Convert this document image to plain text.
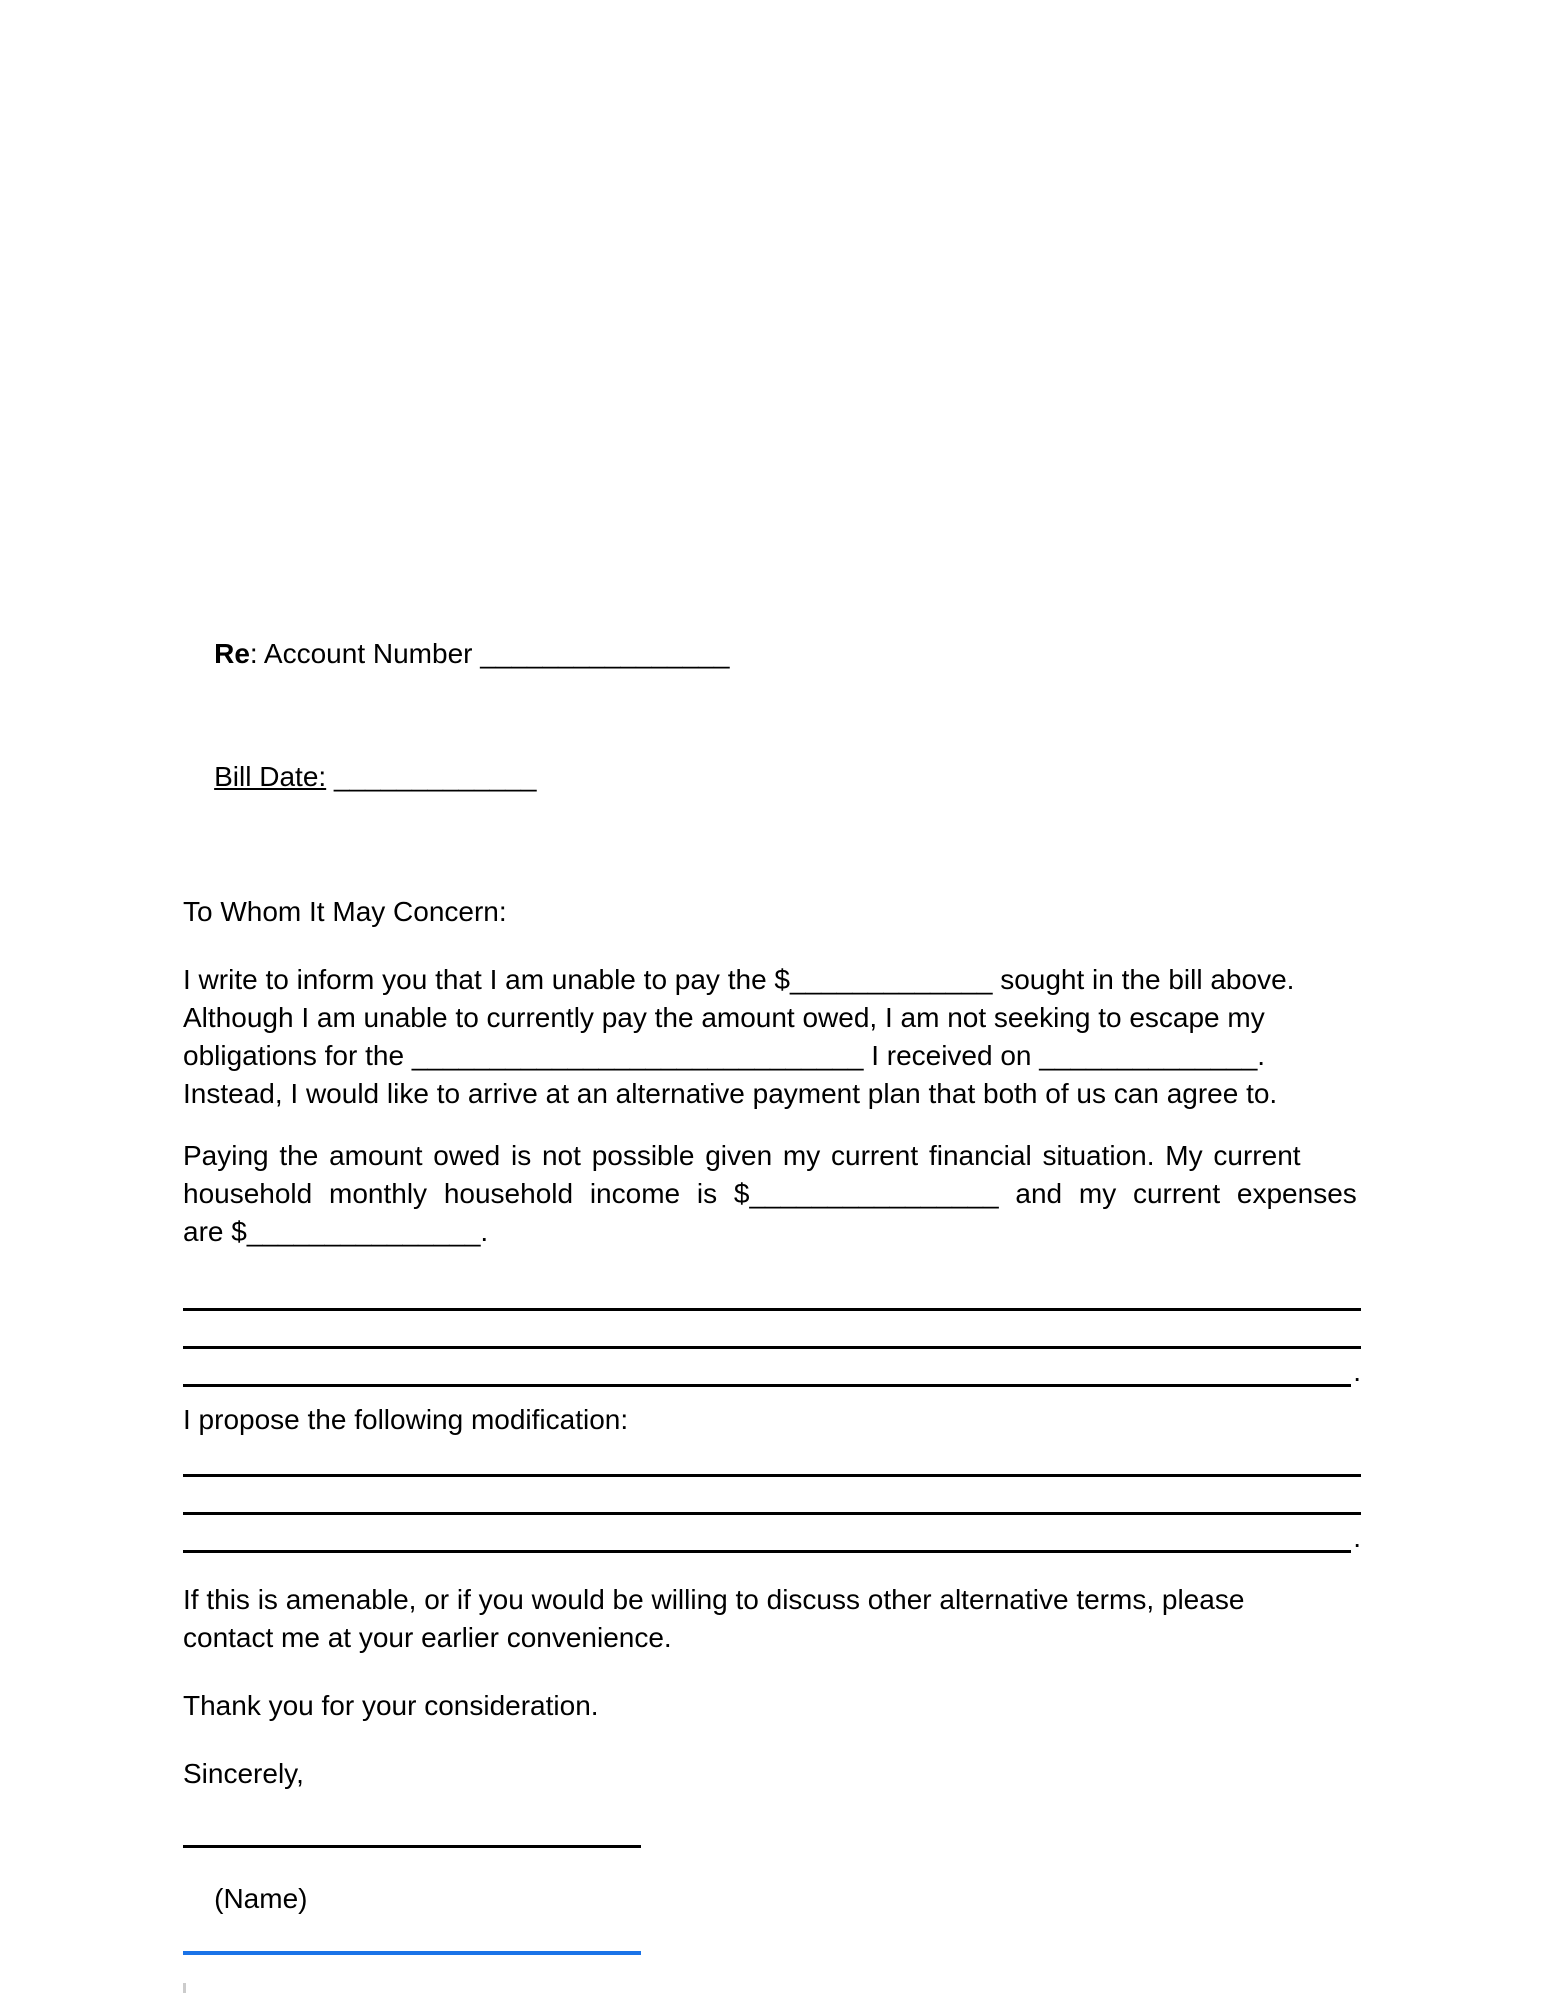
Re: Account Number ________________

Bill Date: _____________

To Whom It May Concern:
I write to inform you that I am unable to pay the $_____________ sought in the bill above.
Although I am unable to currently pay the amount owed, I am not seeking to escape my
obligations for the _____________________________ I received on ______________.
Instead, I would like to arrive at an alternative payment plan that both of us can agree to.
Paying the amount owed is not possible given my current financial situation. My current
household monthly household income is $________________ and my current expenses
are $_______________.
.
I propose the following modification:
.
If this is amenable, or if you would be willing to discuss other alternative terms, please
contact me at your earlier convenience.
Thank you for your consideration.
Sincerely,

(Name)
